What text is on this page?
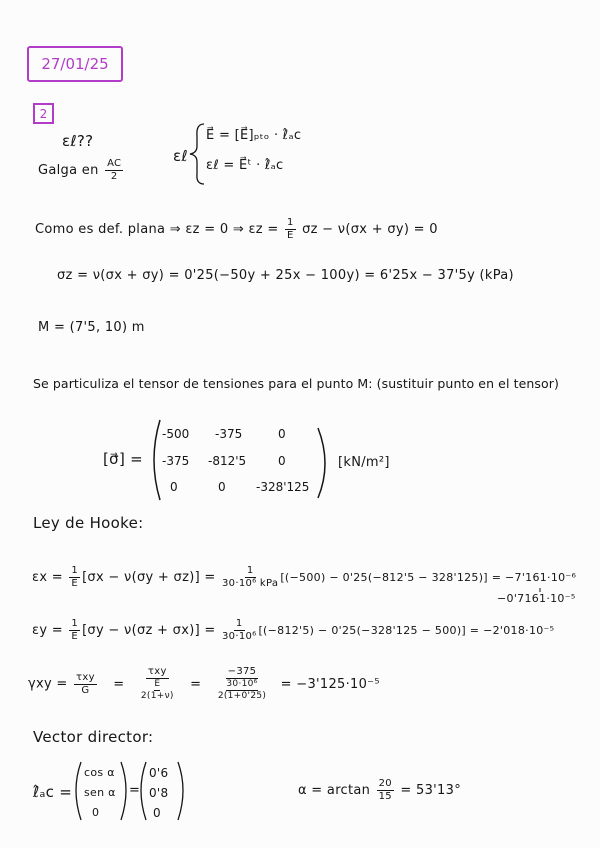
27/01/25
2
εℓ??
Galga en $\frac{AC}{2}$
εℓ
E⃗ = [E⃗]ₚₜₒ · ℓ̂ₐc
εℓ = E⃗ᵗ · ℓ̂ₐc
Como es def. plana ⇒ εz = 0 ⇒ $\varepsilon z = \frac{1}{E}$ σz − ν(σx + σy) = 0
σz = ν(σx + σy) = 0'25(−50y + 25x − 100y) = 6'25x − 37'5y (kPa)
M = (7'5, 10) m
Se particuliza el tensor de tensiones para el punto M: (sustituir punto en el tensor)
[σ⃗] =
-500 -375	0
-375 -812'5	0
0	0	-328'125
[kN/m²]
Ley de Hooke:
$\varepsilon x = \frac{1}{E} [\sigma x - \nu(\sigma y + \sigma z)] = \frac{1}{\text{30·10⁶ kPa}} [(-500) - 0'25(-812'5 - 328'125)] = -7'161\cdot 10^{-6}$
−0'7161·10⁻⁵
$\varepsilon y = \frac{1}{E} [\sigma y - \nu(\sigma z + \sigma x)] = \frac{1}{\text{30·10⁶}} [(-812'5) - 0'25(-328'125 - 500)] = -2'018\cdot 10^{-5}$
$\gamma xy = \frac{\text{τxy}}{G} = \frac{\text{τxy}}{\frac{E}{2(1+\nu)}} = \frac{-375}{\frac{\text{30·10⁶}}{2(1+0'25)}} = -3'125\cdot 10^{-5}$
Vector director:
ℓ̂ₐc =
cos α
sen α
0
=
0'6
0'8
0
$\alpha = \arctan \frac{20}{15} = 53'13^\circ$
